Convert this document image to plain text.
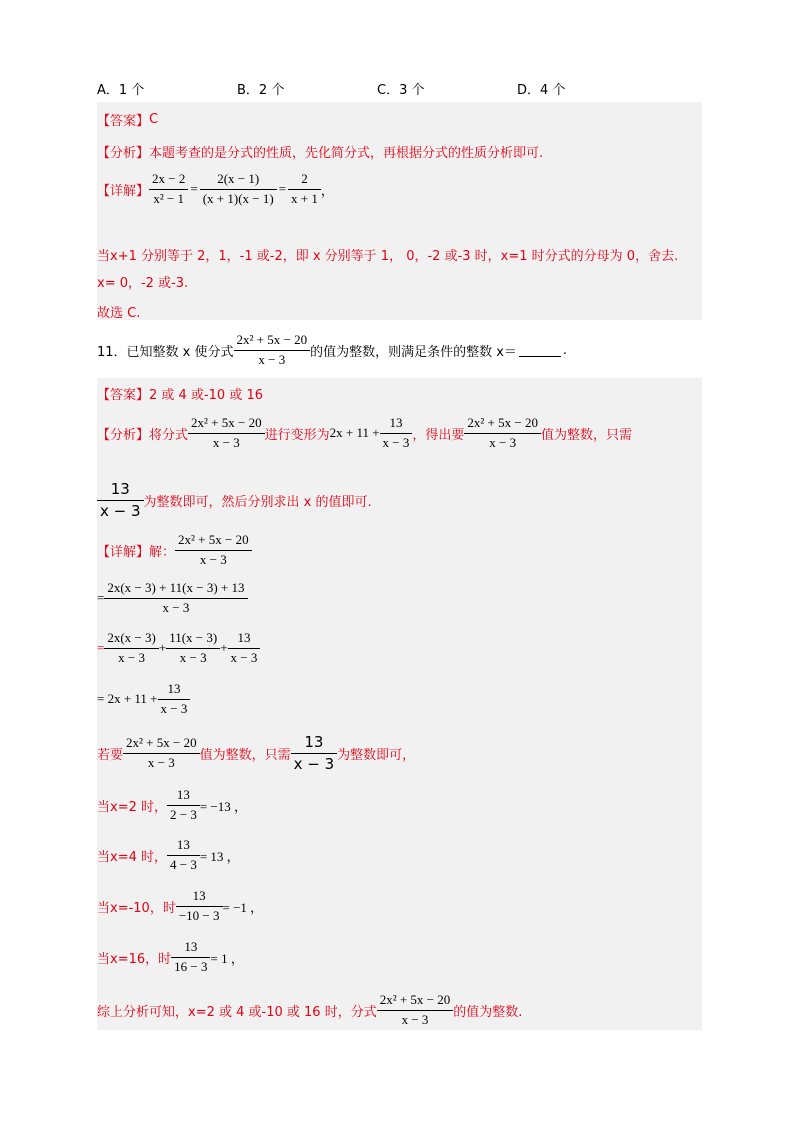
A．1 个	B．2 个	C．3 个	D．4 个
【答案】 C
【分析】 本题考查的是分式的性质，先化简分式，再根据分式的性质分析即可.
【详解】 $\frac{2x - 2}{\text{x² − 1}} = \frac{2(x - 1)}{(x + 1)(x - 1)} = \frac{2}{x + 1}$ ，
当x+1 分别等于 2，1，-1 或-2，即 x 分别等于 1， 0，-2 或-3 时，x=1 时分式的分母为 0，舍去.
x= 0，-2 或-3.
故选 C.
11．已知整数 x 使分式 $\frac{\text{2x² + 5x − 20}}{x - 3}$ 的值为整数，则满足条件的整数 x＝	.
【答案】 2 或 4 或-10 或 16
【分析】 将分式 $\frac{\text{2x² + 5x − 20}}{x - 3}$ 进行变形为 $2x + 11 + \frac{13}{x - 3}$ ，得出要 $\frac{\text{2x² + 5x − 20}}{x - 3}$ 值为整数，只需
$\frac{13}{x - 3}$ 为整数即可，然后分别求出 x 的值即可.
【详解】 解： $\frac{\text{2x² + 5x − 20}}{x - 3}$
= $\frac{2x(x - 3) + 11(x - 3) + 13}{x - 3}$
= $\frac{2x(x - 3)}{x - 3} + \frac{11(x - 3)}{x - 3} + \frac{13}{x - 3}$
= $2x + 11 + \frac{13}{x - 3}$
若要 $\frac{\text{2x² + 5x − 20}}{x - 3}$ 值为整数，只需 $\frac{13}{x - 3}$ 为整数即可，
当x=2 时， $\frac{13}{2 - 3} = -13$ ，
当x=4 时， $\frac{13}{4 - 3} = 13$ ，
当x=-10，时 $\frac{13}{-10 - 3} = -1$ ，
当x=16，时 $\frac{13}{16 - 3} = 1$ ，
综上分析可知，x=2 或 4 或-10 或 16 时，分式 $\frac{\text{2x² + 5x − 20}}{x - 3}$ 的值为整数.
